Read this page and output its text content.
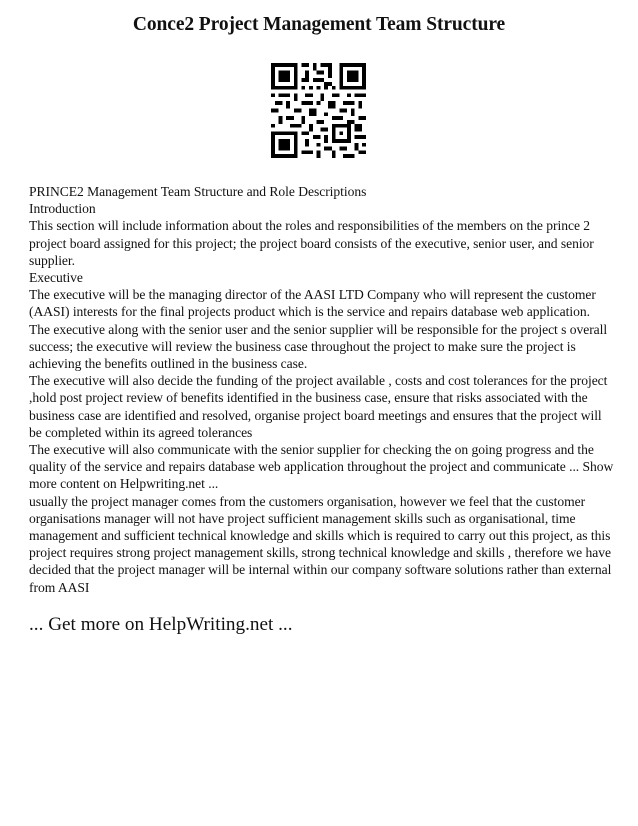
Conce2 Project Management Team Structure

PRINCE2 Management Team Structure and Role Descriptions

Introduction

This section will include information about the roles and responsibilities of the members on the prince 2 project board assigned for this project; the project board consists of the executive, senior user, and senior supplier.

Executive

The executive will be the managing director of the AASI LTD Company who will represent the customer (AASI) interests for the final projects product which is the service and repairs database web application.

The executive along with the senior user and the senior supplier will be responsible for the project s overall success; the executive will review the business case throughout the project to make sure the project is achieving the benefits outlined in the business case.

The executive will also decide the funding of the project available , costs and cost tolerances for the project ,hold post project review of benefits identified in the business case, ensure that risks associated with the business case are identified and resolved, organise project board meetings and ensures that the project will be completed within its agreed tolerances

The executive will also communicate with the senior supplier for checking the on going progress and the quality of the service and repairs database web application throughout the project and communicate ... Show more content on Helpwriting.net ...

usually the project manager comes from the customers organisation, however we feel that the customer organisations manager will not have project sufficient management skills such as organisational, time management and sufficient technical knowledge and skills which is required to carry out this project, as this project requires strong project management skills, strong technical knowledge and skills , therefore we have decided that the project manager will be internal within our company software solutions rather than external from AASI

... Get more on HelpWriting.net ...
